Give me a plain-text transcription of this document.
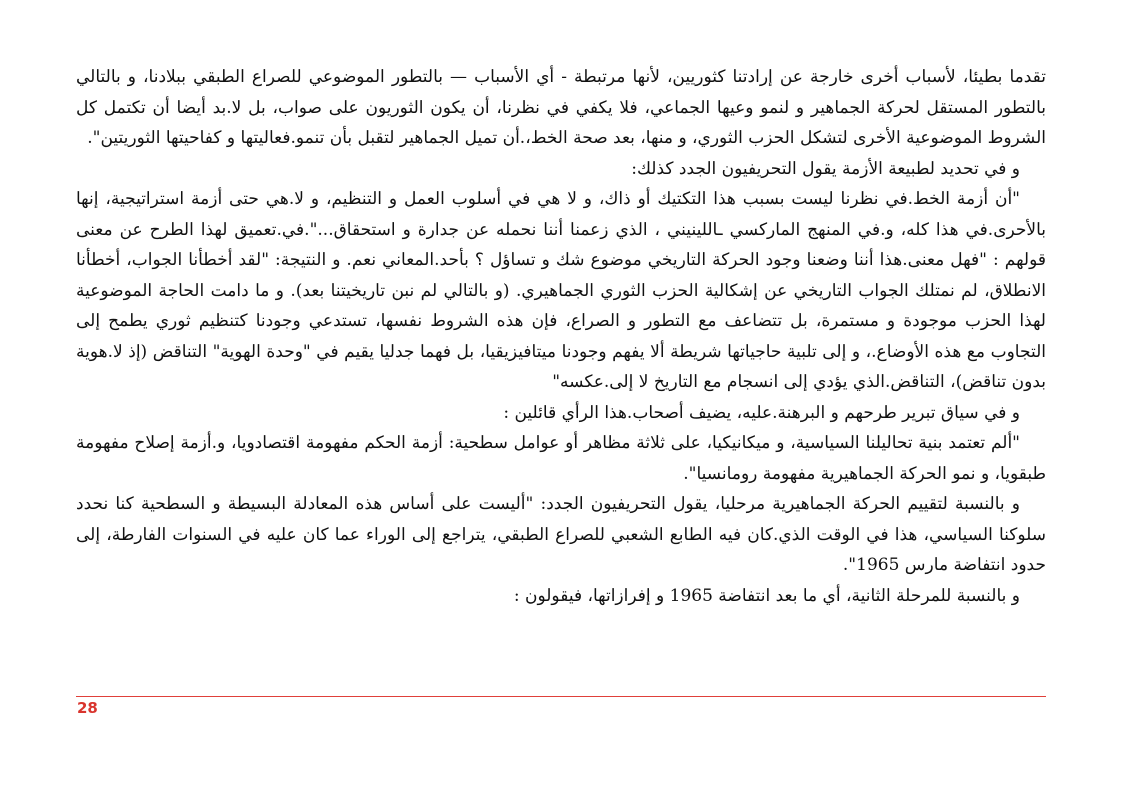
تقدما بطيئا، لأسباب أخرى خارجة عن إرادتنا كثوريين، لأنها مرتبطة - أي الأسباب — بالتطور الموضوعي للصراع الطبقي ببلادنا، و بالتالي بالتطور المستقل لحركة الجماهير و لنمو وعيها الجماعي، فلا يكفي في نظرنا، أن يكون الثوريون على صواب، بل لا.بد أيضا أن تكتمل كل الشروط الموضوعية الأخرى لتشكل الحزب الثوري، و منها، بعد صحة الخط،.أن تميل الجماهير لتقبل بأن تنمو.فعاليتها و كفاحيتها الثوريتين".

و في تحديد لطبيعة الأزمة يقول التحريفيون الجدد كذلك:

"أن أزمة الخط.في نظرنا ليست بسبب هذا التكتيك أو ذاك، و لا هي في أسلوب العمل و التنظيم، و لا.هي حتى أزمة استراتيجية، إنها بالأحرى.في هذا كله، و.في المنهج الماركسي ـاللينيني ، الذي زعمنا أننا نحمله عن جدارة و استحقاق...".في.تعميق لهذا الطرح عن معنى قولهم : "فهل معنى.هذا أننا وضعنا وجود الحركة التاريخي موضوع شك و تساؤل ؟ بأحد.المعاني نعم. و النتيجة: "لقد أخطأنا الجواب، أخطأنا الانطلاق، لم نمتلك الجواب التاريخي عن إشكالية الحزب الثوري الجماهيري. (و بالتالي لم نبن تاريخيتنا بعد). و ما دامت الحاجة الموضوعية لهذا الحزب موجودة و مستمرة، بل تتضاعف مع التطور و الصراع، فإن هذه الشروط نفسها، تستدعي وجودنا كتنظيم ثوري يطمح إلى التجاوب مع هذه الأوضاع.، و إلى تلبية حاجياتها شريطة ألا يفهم وجودنا ميتافيزيقيا، بل فهما جدليا يقيم في "وحدة الهوية" التناقض (إذ لا.هوية بدون تناقض)، التناقض.الذي يؤدي إلى انسجام مع التاريخ لا إلى.عكسه"

و في سياق تبرير طرحهم و البرهنة.عليه، يضيف أصحاب.هذا الرأي قائلين :

"ألم تعتمد بنية تحاليلنا السياسية، و ميكانيكيا، على ثلاثة مظاهر أو عوامل سطحية: أزمة الحكم مفهومة اقتصادويا، و.أزمة إصلاح مفهومة طبقويا، و نمو الحركة الجماهيرية مفهومة رومانسيا".

و بالنسبة لتقييم الحركة الجماهيرية مرحليا، يقول التحريفيون الجدد: "أليست على أساس هذه المعادلة البسيطة و السطحية كنا نحدد سلوكنا السياسي، هذا في الوقت الذي.كان فيه الطابع الشعبي للصراع الطبقي، يتراجع إلى الوراء عما كان عليه في السنوات الفارطة، إلى حدود انتفاضة مارس 1965".

و بالنسبة للمرحلة الثانية، أي ما بعد انتفاضة 1965 و إفرازاتها، فيقولون :

28
